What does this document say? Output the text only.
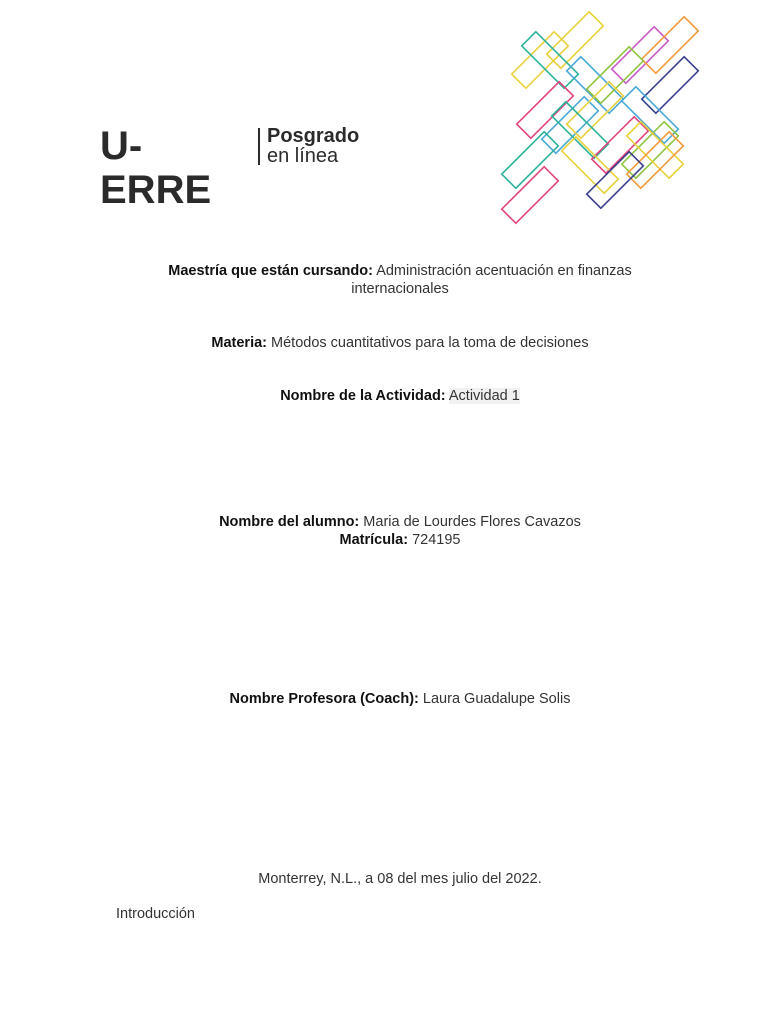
U-ERRE
Posgrado
en línea
Maestría que están cursando: Administración acentuación en finanzas
internacionales
Materia: Métodos cuantitativos para la toma de decisiones
Nombre de la Actividad: Actividad 1
Nombre del alumno: Maria de Lourdes Flores Cavazos
Matrícula: 724195
Nombre Profesora (Coach): Laura Guadalupe Solis
Monterrey, N.L., a 08 del mes julio del 2022.
Introducción
